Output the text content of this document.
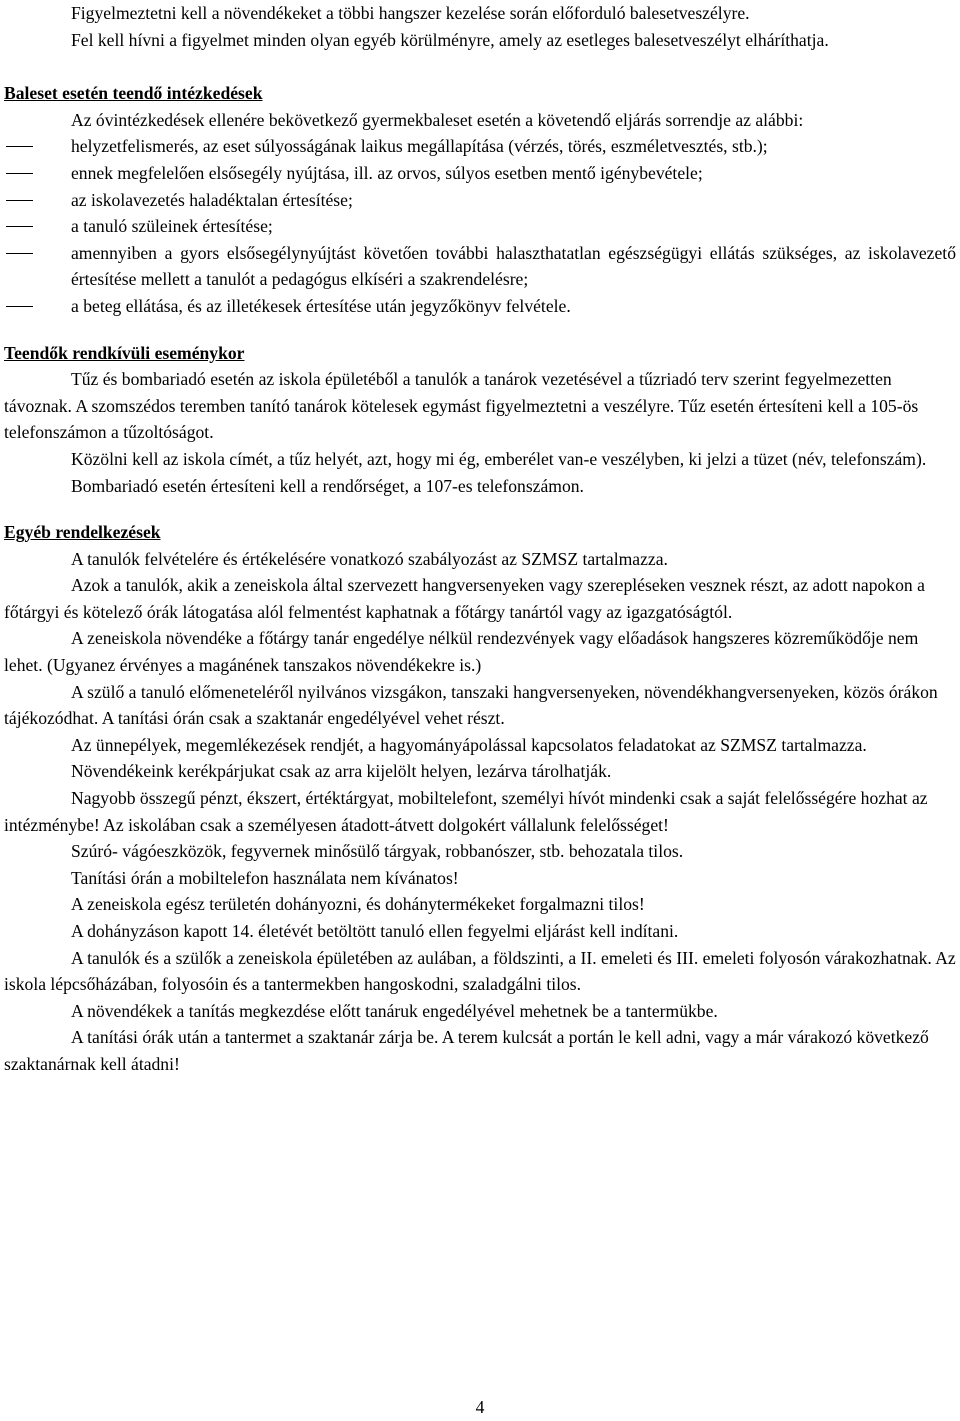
Figyelmeztetni kell a növendékeket a többi hangszer kezelése során előforduló balesetveszélyre.

Fel kell hívni a figyelmet minden olyan egyéb körülményre, amely az esetleges balesetveszélyt elháríthatja.

Baleset esetén teendő intézkedések

Az óvintézkedések ellenére bekövetkező gyermekbaleset esetén a követendő eljárás sorrendje az alábbi:

helyzetfelismerés, az eset súlyosságának laikus megállapítása (vérzés, törés, eszméletvesztés, stb.);
ennek megfelelően elsősegély nyújtása, ill. az orvos, súlyos esetben mentő igénybevétele;
az iskolavezetés haladéktalan értesítése;
a tanuló szüleinek értesítése;
amennyiben a gyors elsősegélynyújtást követően további halaszthatatlan egészségügyi ellátás szükséges, az iskolavezető értesítése mellett a tanulót a pedagógus elkíséri a szakrendelésre;
a beteg ellátása, és az illetékesek értesítése után jegyzőkönyv felvétele.

Teendők rendkívüli eseménykor

Tűz és bombariadó esetén az iskola épületéből a tanulók a tanárok vezetésével a tűzriadó terv szerint fegyelmezetten távoznak. A szomszédos teremben tanító tanárok kötelesek egymást figyelmeztetni a veszélyre. Tűz esetén értesíteni kell a 105-ös telefonszámon a tűzoltóságot.

Közölni kell az iskola címét, a tűz helyét, azt, hogy mi ég, emberélet van-e veszélyben, ki jelzi a tüzet (név, telefonszám).

Bombariadó esetén értesíteni kell a rendőrséget, a 107-es telefonszámon.

Egyéb rendelkezések

A tanulók felvételére és értékelésére vonatkozó szabályozást az SZMSZ tartalmazza.

Azok a tanulók, akik a zeneiskola által szervezett hangversenyeken vagy szerepléseken vesznek részt, az adott napokon a főtárgyi és kötelező órák látogatása alól felmentést kaphatnak a főtárgy tanártól vagy az igazgatóságtól.

A zeneiskola növendéke a főtárgy tanár engedélye nélkül rendezvények vagy előadások hangszeres közreműködője nem lehet. (Ugyanez érvényes a magánének tanszakos növendékekre is.)

A szülő a tanuló előmeneteléről nyilvános vizsgákon, tanszaki hangversenyeken, növendékhangversenyeken, közös órákon tájékozódhat. A tanítási órán csak a szaktanár engedélyével vehet részt.

Az ünnepélyek, megemlékezések rendjét, a hagyományápolással kapcsolatos feladatokat az SZMSZ tartalmazza.

Növendékeink kerékpárjukat csak az arra kijelölt helyen, lezárva tárolhatják.

Nagyobb összegű pénzt, ékszert, értéktárgyat, mobiltelefont, személyi hívót mindenki csak a saját felelősségére hozhat az intézménybe! Az iskolában csak a személyesen átadott-átvett dolgokért vállalunk felelősséget!

Szúró- vágóeszközök, fegyvernek minősülő tárgyak, robbanószer, stb. behozatala tilos.

Tanítási órán a mobiltelefon használata nem kívánatos!

A zeneiskola egész területén dohányozni, és dohánytermékeket forgalmazni tilos!

A dohányzáson kapott 14. életévét betöltött tanuló ellen fegyelmi eljárást kell indítani.

A tanulók és a szülők a zeneiskola épületében az aulában, a földszinti, a II. emeleti és III. emeleti folyosón várakozhatnak. Az iskola lépcsőházában, folyosóin és a tantermekben hangoskodni, szaladgálni tilos.

A növendékek a tanítás megkezdése előtt tanáruk engedélyével mehetnek be a tantermükbe.

A tanítási órák után a tantermet a szaktanár zárja be. A terem kulcsát a portán le kell adni, vagy a már várakozó következő szaktanárnak kell átadni!

4
